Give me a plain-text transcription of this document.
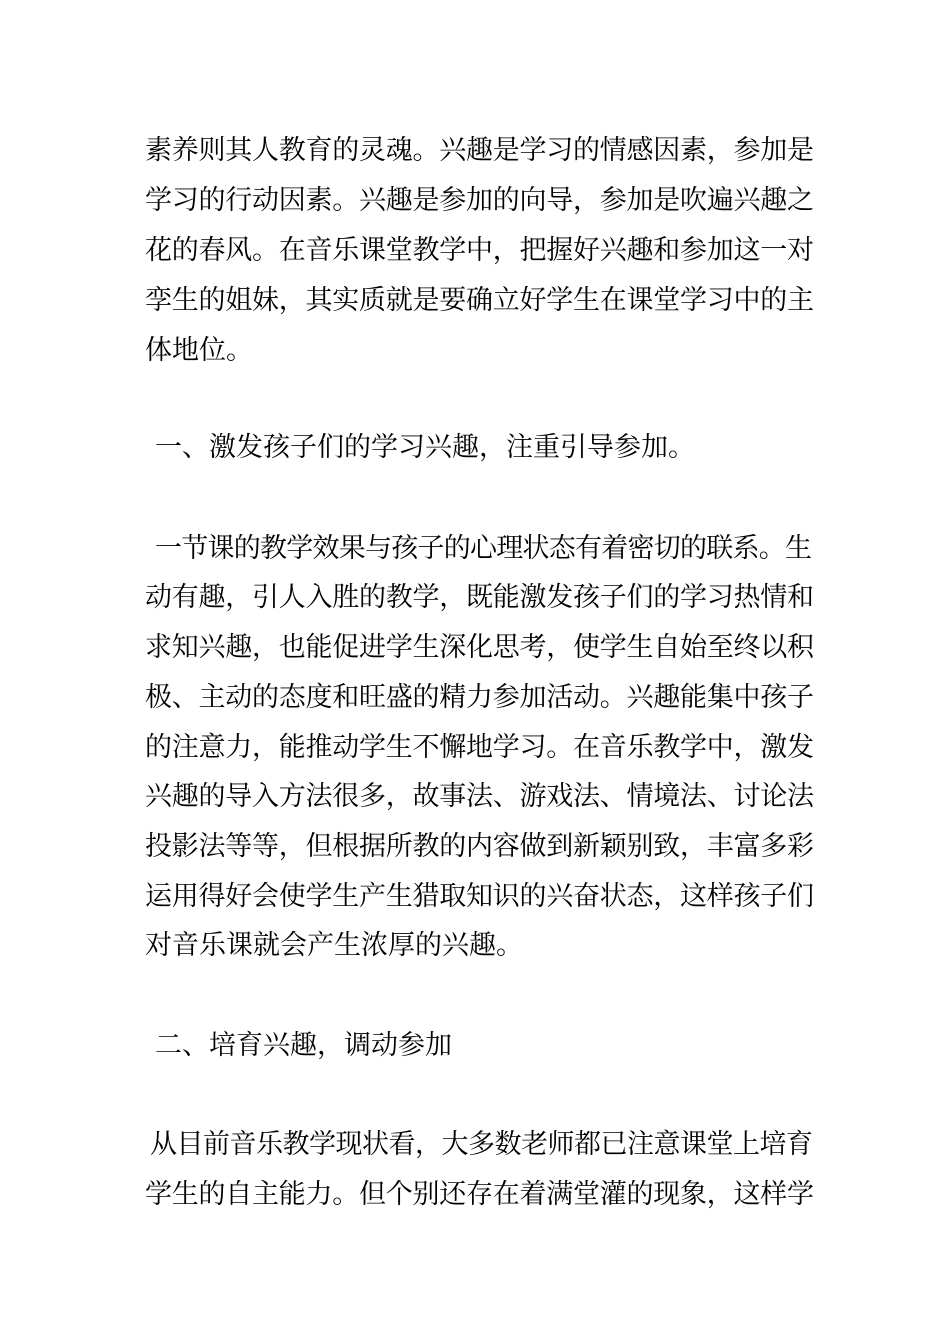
素养则其人教育的灵魂。兴趣是学习的情感因素，参加是
学习的行动因素。兴趣是参加的向导，参加是吹遍兴趣之
花的春风。在音乐课堂教学中，把握好兴趣和参加这一对
孪生的姐妹，其实质就是要确立好学生在课堂学习中的主
体地位。
一、激发孩子们的学习兴趣，注重引导参加。
一节课的教学效果与孩子的心理状态有着密切的联系。生
动有趣，引人入胜的教学，既能激发孩子们的学习热情和
求知兴趣，也能促进学生深化思考，使学生自始至终以积
极、主动的态度和旺盛的精力参加活动。兴趣能集中孩子
的注意力，能推动学生不懈地学习。在音乐教学中，激发
兴趣的导入方法很多，故事法、游戏法、情境法、讨论法
投影法等等，但根据所教的内容做到新颖别致，丰富多彩
运用得好会使学生产生猎取知识的兴奋状态，这样孩子们
对音乐课就会产生浓厚的兴趣。
二、培育兴趣，调动参加
从目前音乐教学现状看，大多数老师都已注意课堂上培育
学生的自主能力。但个别还存在着满堂灌的现象，这样学
